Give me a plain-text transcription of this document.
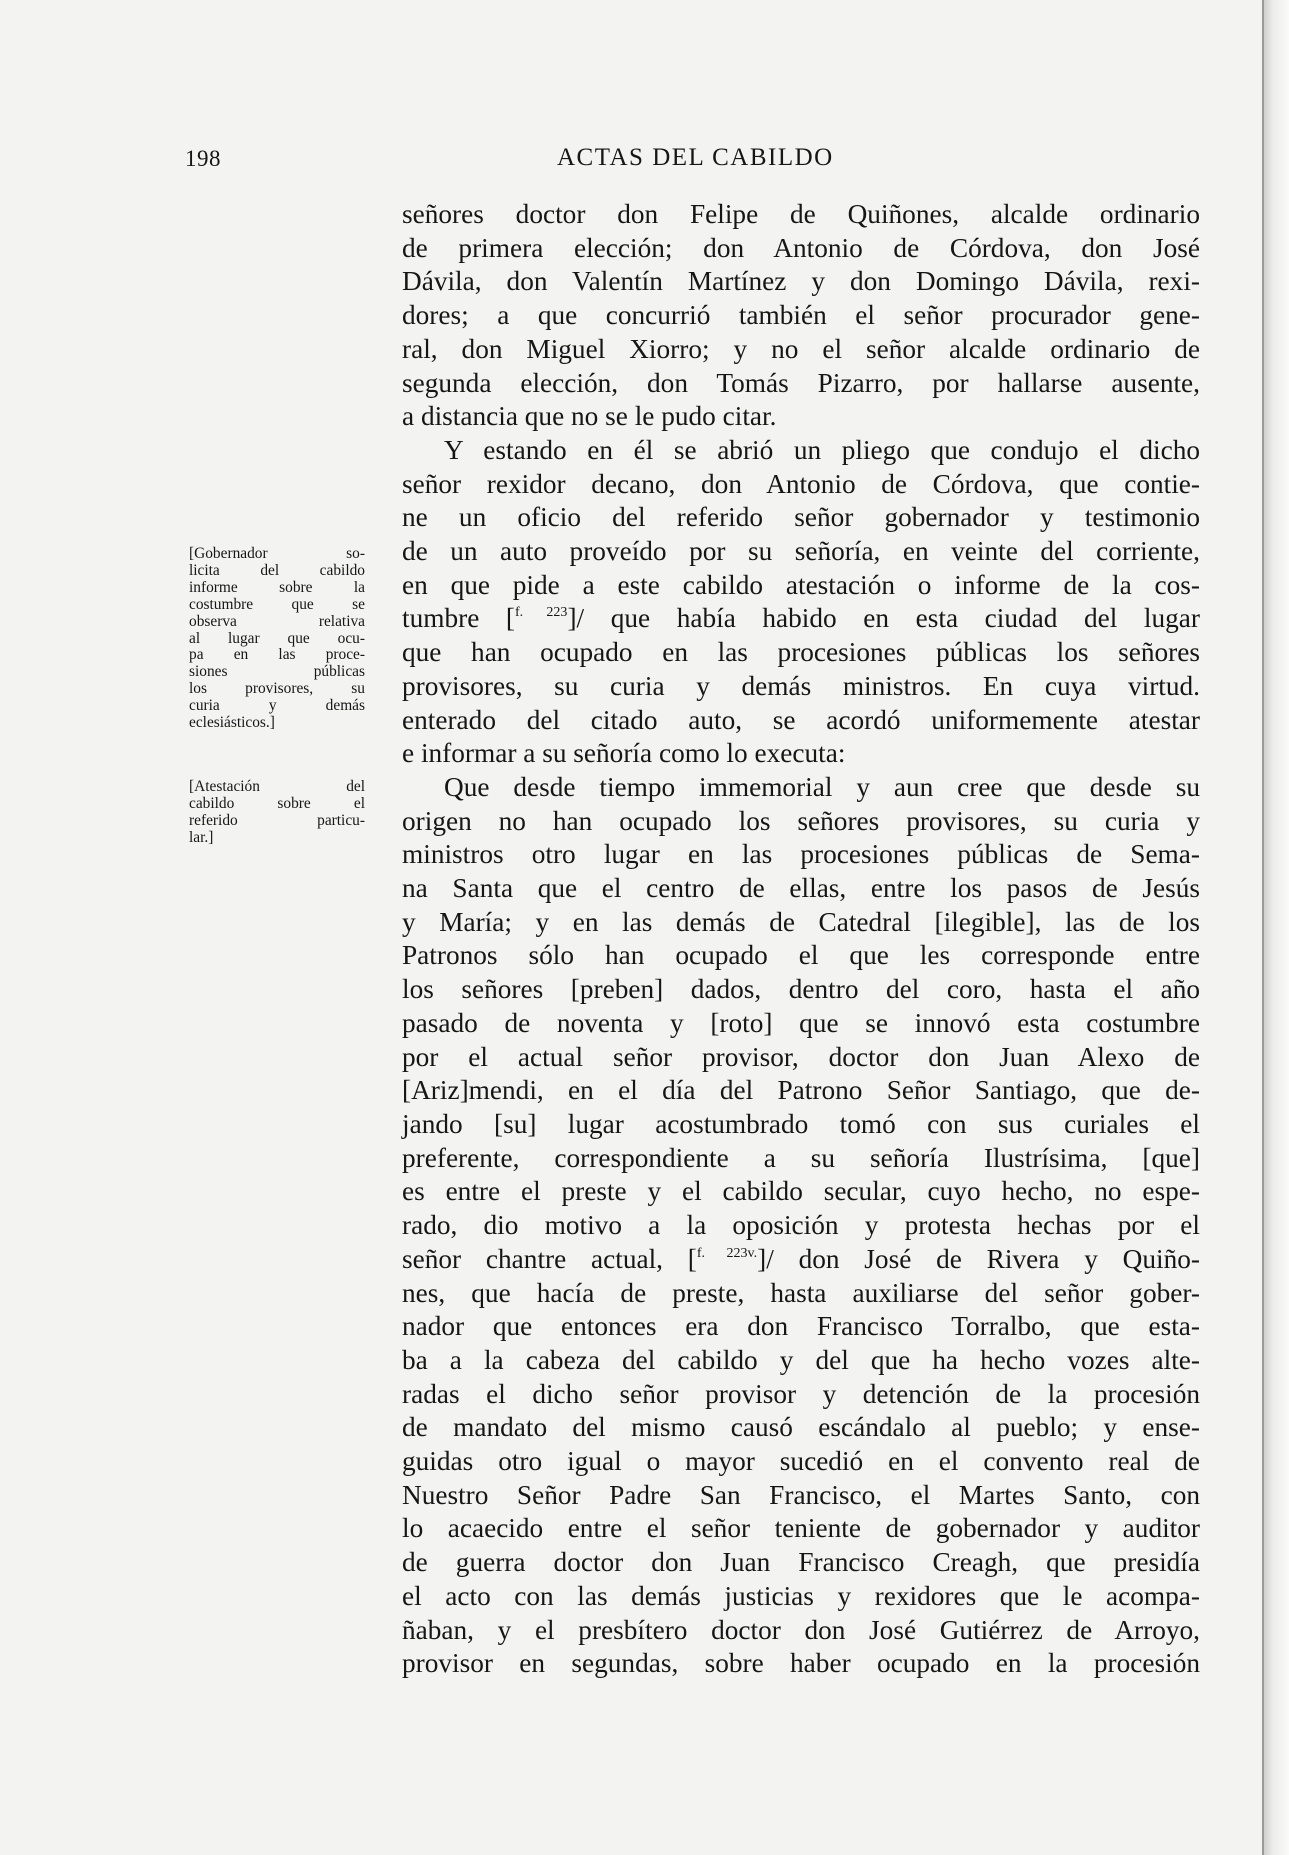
198	ACTAS DEL CABILDO
[Gobernador so-
licita del cabildo
informe sobre la
costumbre que se
observa relativa
al lugar que ocu-
pa en las proce-
siones públicas
los provisores, su
curia y demás
eclesiásticos.]
[Atestación del
cabildo sobre el
referido particu-
lar.]

señores doctor don Felipe de Quiñones, alcalde ordinario

de primera elección; don Antonio de Córdova, don José

Dávila, don Valentín Martínez y don Domingo Dávila, rexi-

dores; a que concurrió también el señor procurador gene-

ral, don Miguel Xiorro; y no el señor alcalde ordinario de

segunda elección, don Tomás Pizarro, por hallarse ausente,

a distancia que no se le pudo citar.

Y estando en él se abrió un pliego que condujo el dicho

señor rexidor decano, don Antonio de Córdova, que contie-

ne un oficio del referido señor gobernador y testimonio

de un auto proveído por su señoría, en veinte del corriente,

en que pide a este cabildo atestación o informe de la cos-

tumbre [$^{f. 223}$]/ que había habido en esta ciudad del lugar

que han ocupado en las procesiones públicas los señores

provisores, su curia y demás ministros. En cuya virtud.

enterado del citado auto, se acordó uniformemente atestar

e informar a su señoría como lo executa:

Que desde tiempo immemorial y aun cree que desde su

origen no han ocupado los señores provisores, su curia y

ministros otro lugar en las procesiones públicas de Sema-

na Santa que el centro de ellas, entre los pasos de Jesús

y María; y en las demás de Catedral [ilegible], las de los

Patronos sólo han ocupado el que les corresponde entre

los señores [preben] dados, dentro del coro, hasta el año

pasado de noventa y [roto] que se innovó esta costumbre

por el actual señor provisor, doctor don Juan Alexo de

[Ariz]mendi, en el día del Patrono Señor Santiago, que de-

jando [su] lugar acostumbrado tomó con sus curiales el

preferente, correspondiente a su señoría Ilustrísima, [que]

es entre el preste y el cabildo secular, cuyo hecho, no espe-

rado, dio motivo a la oposición y protesta hechas por el

señor chantre actual, [$^{f. 223v.}$]/ don José de Rivera y Quiño-

nes, que hacía de preste, hasta auxiliarse del señor gober-

nador que entonces era don Francisco Torralbo, que esta-

ba a la cabeza del cabildo y del que ha hecho vozes alte-

radas el dicho señor provisor y detención de la procesión

de mandato del mismo causó escándalo al pueblo; y ense-

guidas otro igual o mayor sucedió en el convento real de

Nuestro Señor Padre San Francisco, el Martes Santo, con

lo acaecido entre el señor teniente de gobernador y auditor

de guerra doctor don Juan Francisco Creagh, que presidía

el acto con las demás justicias y rexidores que le acompa-

ñaban, y el presbítero doctor don José Gutiérrez de Arroyo,

provisor en segundas, sobre haber ocupado en la procesión
